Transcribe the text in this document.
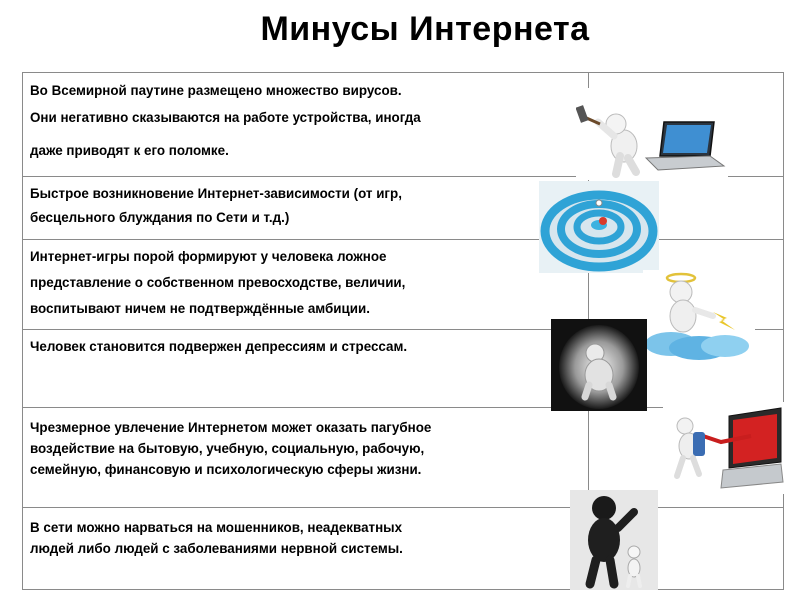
Минусы Интернета
Во Всемирной паутине размещено множество вирусов.
Они негативно сказываются на работе устройства, иногда
даже приводят к его поломке.
Быстрое возникновение Интернет-зависимости (от игр,
бесцельного блуждания по Сети и т.д.)
Интернет-игры порой формируют у человека ложное
представление о собственном превосходстве, величии,
воспитывают ничем не подтверждённые амбиции.
Человек становится подвержен депрессиям и стрессам.
Чрезмерное увлечение Интернетом может оказать пагубное
воздействие на бытовую, учебную, социальную, рабочую,
семейную, финансовую и психологическую сферы жизни.
В сети можно нарваться на мошенников, неадекватных
людей либо людей с заболеваниями нервной системы.
